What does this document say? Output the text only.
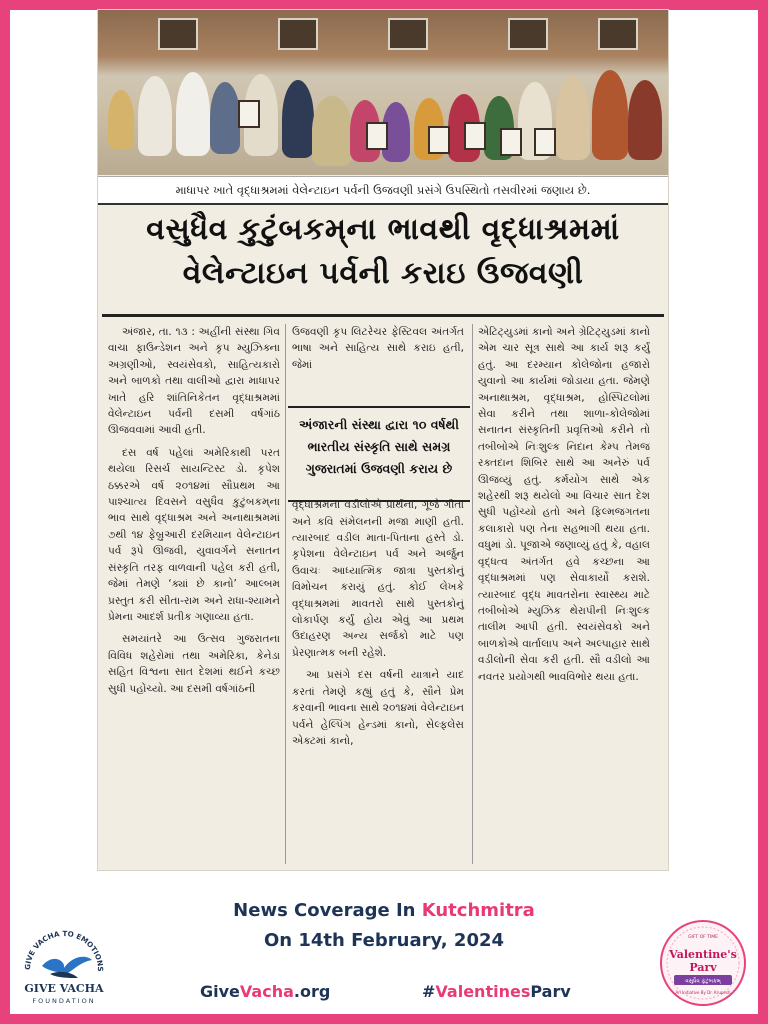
માધાપર ખાતે વૃદ્ધાશ્રમમાં વેલેન્ટાઇન પર્વની ઉજવણી પ્રસંગે ઉપસ્થિતો તસવીરમાં જણાય છે.
વસુધૈવ કુટુંબકમ્‌ના ભાવથી વૃદ્ધાશ્રમમાં
વેલેન્ટાઇન પર્વની કરાઇ ઉજવણી

અંજાર, તા. ૧૩ : અહીંની સંસ્થા ગિવ વાચા ફાઉન્ડેશન અને કૃપ મ્યુઝિક્ના અગ્રણીઓ, સ્વયંસેવકો, સાહિત્યકારો અને બાળકો તથા વાલીઓ દ્વારા માધાપર ખાતે હરિ શાંતિનિકેતન વૃદ્ધાશ્રમમાં વેલેન્ટાઇન પર્વની દસમી વર્ષગાંઠ ઊજવવામાં આવી હતી.

દસ વર્ષ પહેલાં અમેરિકાથી પરત થયેલા રિસર્ચ સાયન્ટિસ્ટ ડો. કૃપેશ ઠક્કરએ વર્ષ ૨૦૧૪માં સૌપ્રથમ આ પાશ્ચાત્ય દિવસને વસુધૈવ કુટુંબકમ્‌ના ભાવ સાથે વૃદ્ધાશ્રમ અને અનાથાશ્રમમાં ૭થી ૧૪ ફેબ્રુઆરી દરમિયાન વેલેન્ટાઇન પર્વ રૂપે ઊજવી, યુવાવર્ગને સનાતન સંસ્કૃતિ તરફ વાળવાની પહેલ કરી હતી, જેમાં તેમણે ‘ક્યાં છે કાનો’ આલ્બમ પ્રસ્તુત કરી સીતા-રામ અને રાધા-શ્યામને પ્રેમના આદર્શ પ્રતીક ગણાવ્યા હતા.

સમયાંતરે આ ઉત્સવ ગુજરાતના વિવિધ શહેરોમાં તથા અમેરિકા, કેનેડા સહિત વિશ્વના સાત દેશમાં થઈને કચ્છ સુધી પહોંચ્યો. આ દસમી વર્ષગાંઠની

ઉજવણી કૃપ લિટરેચર ફેસ્ટિવલ અંતર્ગત ભાષા અને સાહિત્ય સાથે કરાઇ હતી, જેમાં

વૃદ્ધાશ્રમના વડીલોએ પ્રાર્થના, ગૂંજે ગીતા અને કવિ સંમેલનની મજા માણી હતી. ત્યારબાદ વડીલ માતા-પિતાના હસ્તે ડો. કૃપેશના વેલેન્ટાઇન પર્વ અને અર્જુન ઉવાચઃ આધ્યાત્મિક જાત્રા પુસ્તકોનું વિમોચન કરાયું હતું. કોઈ લેખકે વૃદ્ધાશ્રમમાં માવતરો સાથે પુસ્તકોનું લોકાર્પણ કર્યું હોય એવું આ પ્રથમ ઉદાહરણ અન્ય સર્જકો માટે પણ પ્રેરણાત્મક બની રહેશે.

આ પ્રસંગે દસ વર્ષની યાત્રાને યાદ કરતાં તેમણે કહ્યું હતું કે, સૌને પ્રેમ કરવાની ભાવના સાથે ૨૦૧૪માં વેલેન્ટાઇન પર્વને હેલ્પિંગ હેન્ડમાં કાનો, સેલ્ફલેસ એક્ટમાં કાનો,

અંજારની સંસ્થા દ્વારા ૧૦ વર્ષથી
ભારતીય સંસ્કૃતિ સાથે સમગ્ર
ગુજરાતમાં ઉજવણી કરાય છે

એટિટ્યુડમાં કાનો અને ગ્રેટિટ્યુડમાં કાનો એમ ચાર સૂત્ર સાથે આ કાર્ય શરૂ કર્યું હતું. આ દરમ્યાન કોલેજોના હજારો યુવાનો આ કાર્યમાં જોડાયા હતા. જેમણે અનાથાશ્રમ, વૃદ્ધાશ્રમ, હોસ્પિટલોમાં સેવા કરીને તથા શાળા-કોલેજોમાં સનાતન સંસ્કૃતિની પ્રવૃત્તિઓ કરીને તો તબીબોએ નિઃશુલ્ક નિદાન કેમ્પ તેમજ રક્તદાન શિબિર સાથે આ અનેરું પર્વ ઊજવ્યું હતું. કર્મયોગ સાથે એક શહેરથી શરૂ થયેલો આ વિચાર સાત દેશ સુધી પહોંચ્યો હતો અને ફિલ્મજગતના કલાકારો પણ તેના સહભાગી થયા હતા. વધુમાં ડો. પૂજાએ જણાવ્યું હતું કે, વહાલ વૃદ્ધત્વ અંતર્ગત હવે કચ્છના આ વૃદ્ધાશ્રમમાં પણ સેવાકાર્યો કરાશે. ત્યારબાદ વૃદ્ધ માવતરોના સ્વાસ્થ્ય માટે તબીબોએ મ્યુઝિક થેરાપીની નિઃશુલ્ક તાલીમ આપી હતી. સ્વયંસેવકો અને બાળકોએ વાર્તાલાપ અને અલ્પાહાર સાથે વડીલોની સેવા કરી હતી. સૌ વડીલો આ નવતર પ્રયોગથી ભાવવિભોર થયા હતા.

News Coverage In Kutchmitra
On 14th February, 2024
GIVE VACHA TO EMOTIONS
GIVE VACHA
FOUNDATION	GiveVacha.org	#ValentinesParv
GIFT OF TIME
Valentine's
Parv
વસુધૈવ કુટુંબકમ્
An Initiative By Dr. Krupesh
